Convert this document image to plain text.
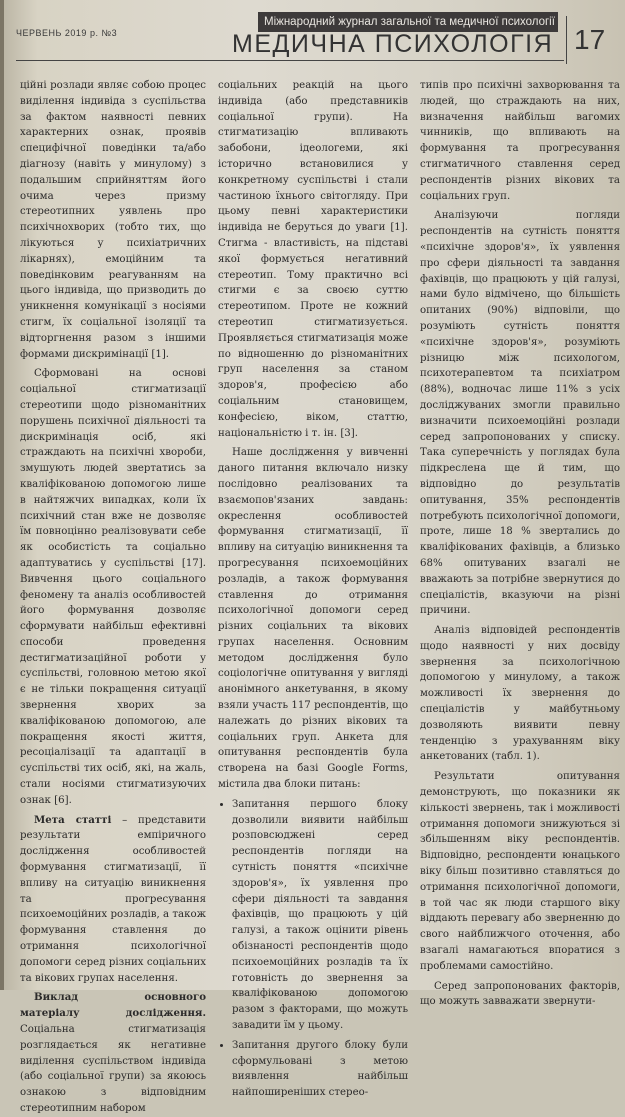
Міжнародний журнал загальної та медичної психології
ЧЕРВЕНЬ 2019 р. №3	МЕДИЧНА ПСИХОЛОГІЯ 17

ційні розлади являє собою процес виділення індивіда з суспільства за фактом наявності певних характерних ознак, проявів специфічної поведінки та/або діагнозу (навіть у минулому) з подальшим сприйняттям його очима через призму стереотипних уявлень про психічнохворих (тобто тих, що лікуються у психіатричних лікарнях), емоційним та поведінковим реагуванням на цього індивіда, що призводить до уникнення комунікації з носіями стигм, їх соціальної ізоляції та відторгнення разом з іншими формами дискримінації [1].

Сформовані на основі соціальної стигматизації стереотипи щодо різноманітних порушень психічної діяльності та дискримінація осіб, які страждають на психічні хвороби, змушують людей звертатись за кваліфікованою допомогою лише в найтяжчих випадках, коли їх психічний стан вже не дозволяє їм повноцінно реалізовувати себе як особистість та соціально адаптуватись у суспільстві [17]. Вивчення цього соціального феномену та аналіз особливостей його формування дозволяє сформувати найбільш ефективні способи проведення дестигматизаційної роботи у суспільстві, головною метою якої є не тільки покращення ситуації звернення хворих за кваліфікованою допомогою, але покращення якості життя, ресоціалізації та адаптації в суспільстві тих осіб, які, на жаль, стали носіями стигматизуючих ознак [6].

Мета статті – представити результати емпіричного дослідження особливостей формування стигматизації, її впливу на ситуацію виникнення та прогресування психоемоційних розладів, а також формування ставлення до отримання психологічної допомоги серед різних соціальних та вікових групах населення.

Виклад основного матеріалу дослідження. Соціальна стигматизація розглядається як негативне виділення суспільством індивіда (або соціальної групи) за якоюсь ознакою з відповідним стереотипним набором

соціальних реакцій на цього індивіда (або представників соціальної групи). На стигматизацію впливають забобони, ідеологеми, які історично встановилися у конкретному суспільстві і стали частиною їхнього світогляду. При цьому певні характеристики індивіда не беруться до уваги [1]. Стигма - властивість, на підставі якої формується негативний стереотип. Тому практично всі стигми є за своєю суттю стереотипом. Проте не кожний стереотип стигматизується. Проявляється стигматизація може по відношенню до різноманітних груп населення за станом здоров'я, професією або соціальним становищем, конфесією, віком, статтю, національністю і т. ін. [3].

Наше дослідження у вивченні даного питання включало низку послідовно реалізованих та взаємопов'язаних завдань: окреслення особливостей формування стигматизації, її впливу на ситуацію виникнення та прогресування психоемоційних розладів, а також формування ставлення до отримання психологічної допомоги серед різних соціальних та вікових групах населення. Основним методом дослідження було соціологічне опитування у вигляді анонімного анкетування, в якому взяли участь 117 респондентів, що належать до різних вікових та соціальних груп. Анкета для опитування респондентів була створена на базі Google Forms, містила два блоки питань:

• Запитання першого блоку дозволили виявити найбільш розповсюджені серед респондентів погляди на сутність поняття «психічне здоров'я», їх уявлення про сфери діяльності та завдання фахівців, що працюють у цій галузі, а також оцінити рівень обізнаності респондентів щодо психоемоційних розладів та їх готовність до звернення за кваліфікованою допомогою разом з факторами, що можуть завадити їм у цьому.
• Запитання другого блоку були сформульовані з метою виявлення найбільш найпоширеніших стерео-

типів про психічні захворювання та людей, що страждають на них, визначення найбільш вагомих чинників, що впливають на формування та прогресування стигматичного ставлення серед респондентів різних вікових та соціальних груп.

Аналізуючи погляди респондентів на сутність поняття «психічне здоров'я», їх уявлення про сфери діяльності та завдання фахівців, що працюють у цій галузі, нами було відмічено, що більшість опитаних (90%) відповіли, що розуміють сутність поняття «психічне здоров'я», розуміють різницю між психологом, психотерапевтом та психіатром (88%), водночас лише 11% з усіх досліджуваних змогли правильно визначити психоемоційні розлади серед запропонованих у списку. Така суперечність у поглядах була підкреслена ще й тим, що відповідно до результатів опитування, 35% респондентів потребують психологічної допомоги, проте, лише 18 % звертались до кваліфікованих фахівців, а близько 68% опитуваних взагалі не вважають за потрібне звернутися до спеціалістів, вказуючи на різні причини.

Аналіз відповідей респондентів щодо наявності у них досвіду звернення за психологічною допомогою у минулому, а також можливості їх звернення до спеціалістів у майбутньому дозволяють виявити певну тенденцію з урахуванням віку анкетованих (табл. 1).

Результати опитування демонструють, що показники як кількості звернень, так і можливості отримання допомоги знижуються зі збільшенням віку респондентів. Відповідно, респонденти юнацького віку більш позитивно ставляться до отримання психологічної допомоги, в той час як люди старшого віку віддають перевагу або зверненню до свого найближчого оточення, або взагалі намагаються впоратися з проблемами самостійно.

Серед запропонованих факторів, що можуть завважати звернути-
